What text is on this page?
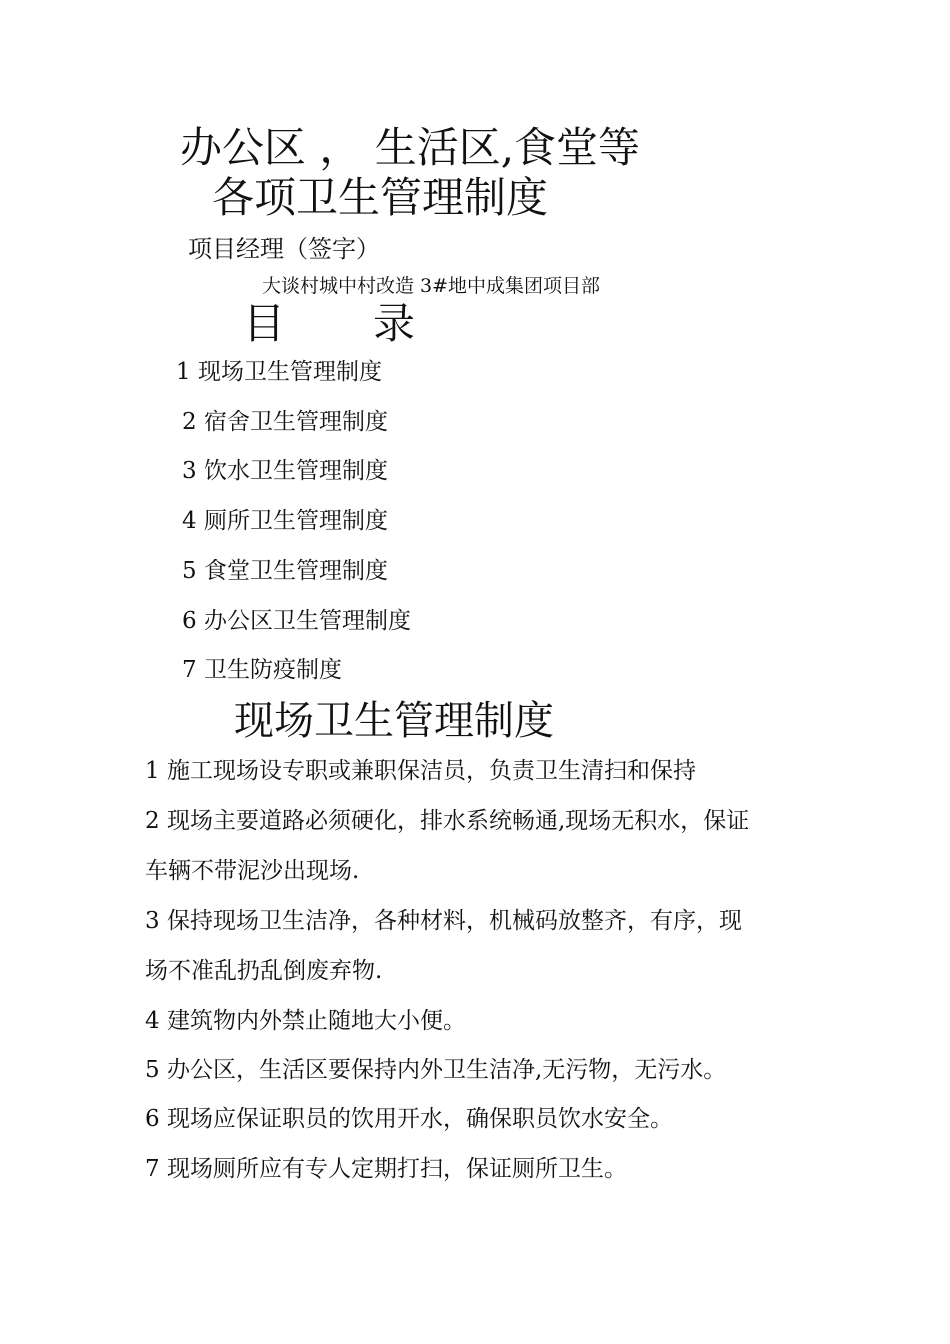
办公区 ， 生活区,食堂等
各项卫生管理制度
项目经理（签字）
大谈村城中村改造 3#地中成集团项目部
目 录
1 现场卫生管理制度
2 宿舍卫生管理制度
3 饮水卫生管理制度
4 厕所卫生管理制度
5 食堂卫生管理制度
6 办公区卫生管理制度
7 卫生防疫制度
现场卫生管理制度

1 施工现场设专职或兼职保洁员，负责卫生清扫和保持

2 现场主要道路必须硬化，排水系统畅通,现场无积水，保证

车辆不带泥沙出现场.

3 保持现场卫生洁净，各种材料，机械码放整齐，有序，现

场不准乱扔乱倒废弃物.

4 建筑物内外禁止随地大小便。

5 办公区，生活区要保持内外卫生洁净,无污物，无污水。

6 现场应保证职员的饮用开水，确保职员饮水安全。

7 现场厕所应有专人定期打扫，保证厕所卫生。
